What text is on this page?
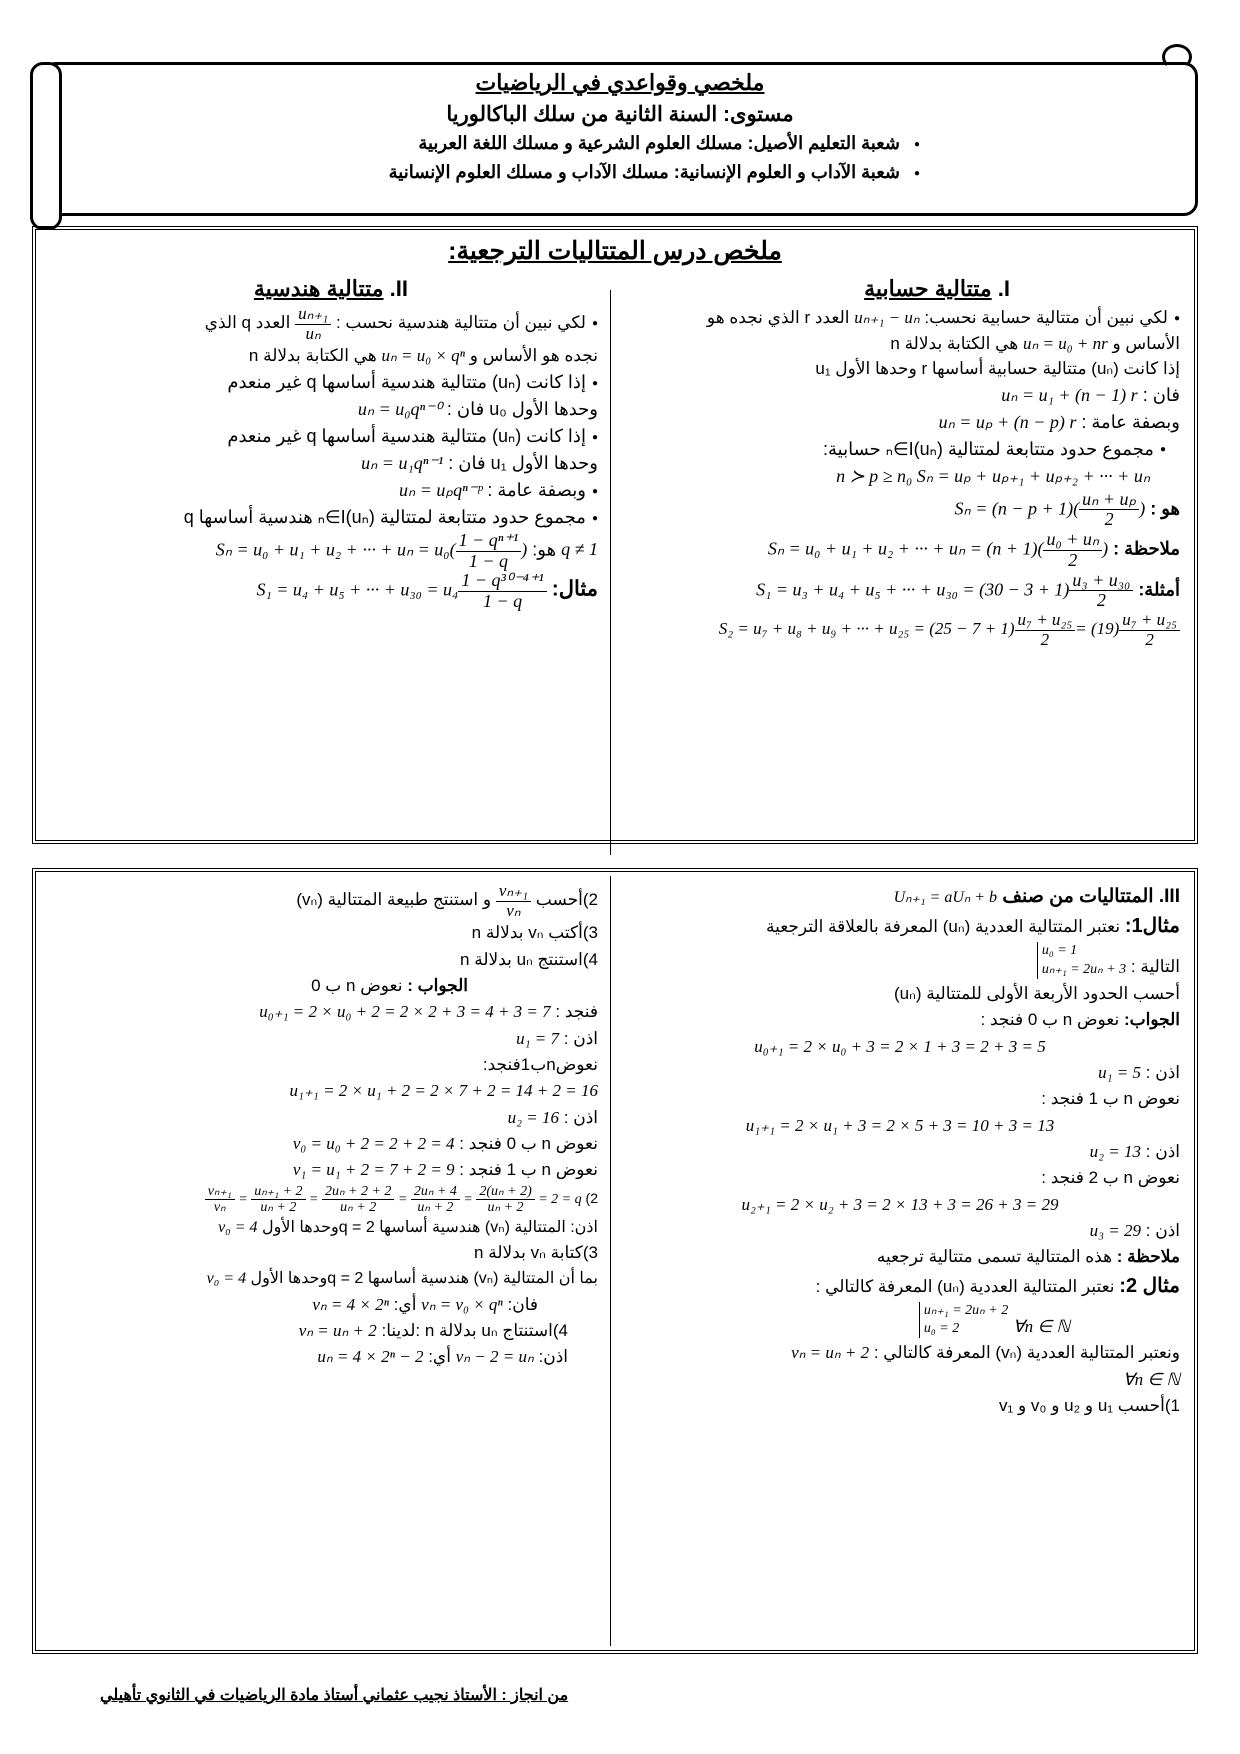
ملخصي وقواعدي في الرياضيات
مستوى: السنة الثانية من سلك الباكالوريا
● شعبة التعليم الأصيل: مسلك العلوم الشرعية و مسلك اللغة العربية
● شعبة الآداب و العلوم الإنسانية: مسلك الآداب و مسلك العلوم الإنسانية
ملخص درس المتتاليات الترجعية:

I. متتالية حسابية

● لكي نبين أن متتالية حسابية نحسب: uₙ₊₁ − uₙ العدد r الذي نجده هو

الأساس و uₙ = u₀ + nr هي الكتابة بدلالة n

إذا كانت (uₙ) متتالية حسابية أساسها r وحدها الأول u₁

فان : uₙ = u₁ + (n − 1) r

وبصفة عامة : uₙ = uₚ + (n − p) r

● مجموع حدود متتابعة لمتتالية (uₙ)ₙ∈I حسابية:

n ≻ p ≥ n₀ Sₙ = uₚ + uₚ₊₁ + uₚ₊₂ + ··· + uₙ

هو : $S_n = (n - p + 1)( \frac{\text{uₙ + uₚ}}{2}$ )

ملاحظة : Sₙ = u₀ + u₁ + u₂ + ··· + $u_n = (n + 1)( \frac{\text{u₀ + uₙ}}{2}$ )

أمثلة: S₁ = u₃ + u₄ + u₅ + ··· + $u_{30} = (30 - 3 + 1) \frac{\text{u₃ + u₃₀}}{2}$

S₂ = u₇ + u₈ + u₉ + ··· + $u_{25} = (25 - 7 + 1) \frac{\text{u₇ + u₂₅}}{2} = (19) \frac{\text{u₇ + u₂₅}}{2}$

II. متتالية هندسية

● لكي نبين أن متتالية هندسية نحسب :
$\frac{\text{uₙ₊₁}}{\text{uₙ}}$
العدد q الذي

نجده هو الأساس و uₙ = u₀ × qⁿ هي الكتابة بدلالة n

● إذا كانت (uₙ) متتالية هندسية أساسها q غير منعدم

وحدها الأول u₀ فان : uₙ = u₀qⁿ⁻⁰

● إذا كانت (uₙ) متتالية هندسية أساسها q غير منعدم

وحدها الأول u₁ فان : uₙ = u₁qⁿ⁻¹

● وبصفة عامة : uₙ = uₚqⁿ⁻ᵖ

● مجموع حدود متتابعة لمتتالية (uₙ)ₙ∈I هندسية أساسها q

q ≠ 1 هو: Sₙ = u₀ + u₁ + u₂ + ··· + $u_n = u_0( \frac{\text{1 − qⁿ⁺¹}}{1 - q}$ )

مثال: S₁ = u₄ + u₅ + ··· + $u_{30} = u_4 \frac{\text{1 − q³⁰⁻⁴⁺¹}}{1 - q}$

III. المتتاليات من صنف Uₙ₊₁ = aUₙ + b

مثال1: نعتبر المتتالية العددية (uₙ) المعرفة بالعلاقة الترجعية

التالية : u₀ = 1
uₙ₊₁ = 2uₙ + 3

أحسب الحدود الأربعة الأولى للمتتالية (uₙ)

الجواب: نعوض n ب 0 فنجد :

u₀₊₁ = 2 × u₀ + 3 = 2 × 1 + 3 = 2 + 3 = 5

اذن : u₁ = 5

نعوض n ب 1 فنجد :

u₁₊₁ = 2 × u₁ + 3 = 2 × 5 + 3 = 10 + 3 = 13

اذن : u₂ = 13

نعوض n ب 2 فنجد :

u₂₊₁ = 2 × u₂ + 3 = 2 × 13 + 3 = 26 + 3 = 29

اذن : u₃ = 29

ملاحظة : هذه المتتالية تسمى متتالية ترجعيه

مثال 2: نعتبر المتتالية العددية (uₙ) المعرفة كالتالي :

∀n ∈ ℕ uₙ₊₁ = 2uₙ + 2
u₀ = 2

ونعتبر المتتالية العددية (vₙ) المعرفة كالتالي : vₙ = uₙ + 2

∀n ∈ ℕ

1)أحسب u₁ و u₂ و v₀ و v₁

2)أحسب
$\frac{\text{vₙ₊₁}}{\text{vₙ}}$
و استنتج طبيعة المتتالية (vₙ)

3)أكتب vₙ بدلالة n

4)استنتج uₙ بدلالة n

الجواب : نعوض n ب 0

فنجد : u₀₊₁ = 2 × u₀ + 2 = 2 × 2 + 3 = 4 + 3 = 7

اذن : u₁ = 7

نعوضnب1فنجد:

u₁₊₁ = 2 × u₁ + 2 = 2 × 7 + 2 = 14 + 2 = 16

اذن : u₂ = 16

نعوض n ب 0 فنجد : v₀ = u₀ + 2 = 2 + 2 = 4

نعوض n ب 1 فنجد : v₁ = u₁ + 2 = 7 + 2 = 9

2)
$\frac{\text{vₙ₊₁}}{\text{vₙ}} = \frac{\text{uₙ₊₁ + 2}}{\text{uₙ + 2}} = \frac{\text{2uₙ + 2 + 2}}{\text{uₙ + 2}} = \frac{\text{2uₙ + 4}}{\text{uₙ + 2}} = \frac{\text{2(uₙ + 2)}}{\text{uₙ + 2}} = 2 = q$

اذن: المتتالية (vₙ) هندسية أساسها q = 2وحدها الأول v₀ = 4

3)كتابة vₙ بدلالة n

بما أن المتتالية (vₙ) هندسية أساسها q = 2وحدها الأول v₀ = 4

فان: vₙ = v₀ × qⁿ أي: vₙ = 4 × 2ⁿ

4)استنتاج uₙ بدلالة n :لدينا: vₙ = uₙ + 2

اذن: vₙ − 2 = uₙ أي: uₙ = 4 × 2ⁿ − 2

من انجاز : الأستاذ نجيب عثماني أستاذ مادة الرياضيات في الثانوي تأهيلي
